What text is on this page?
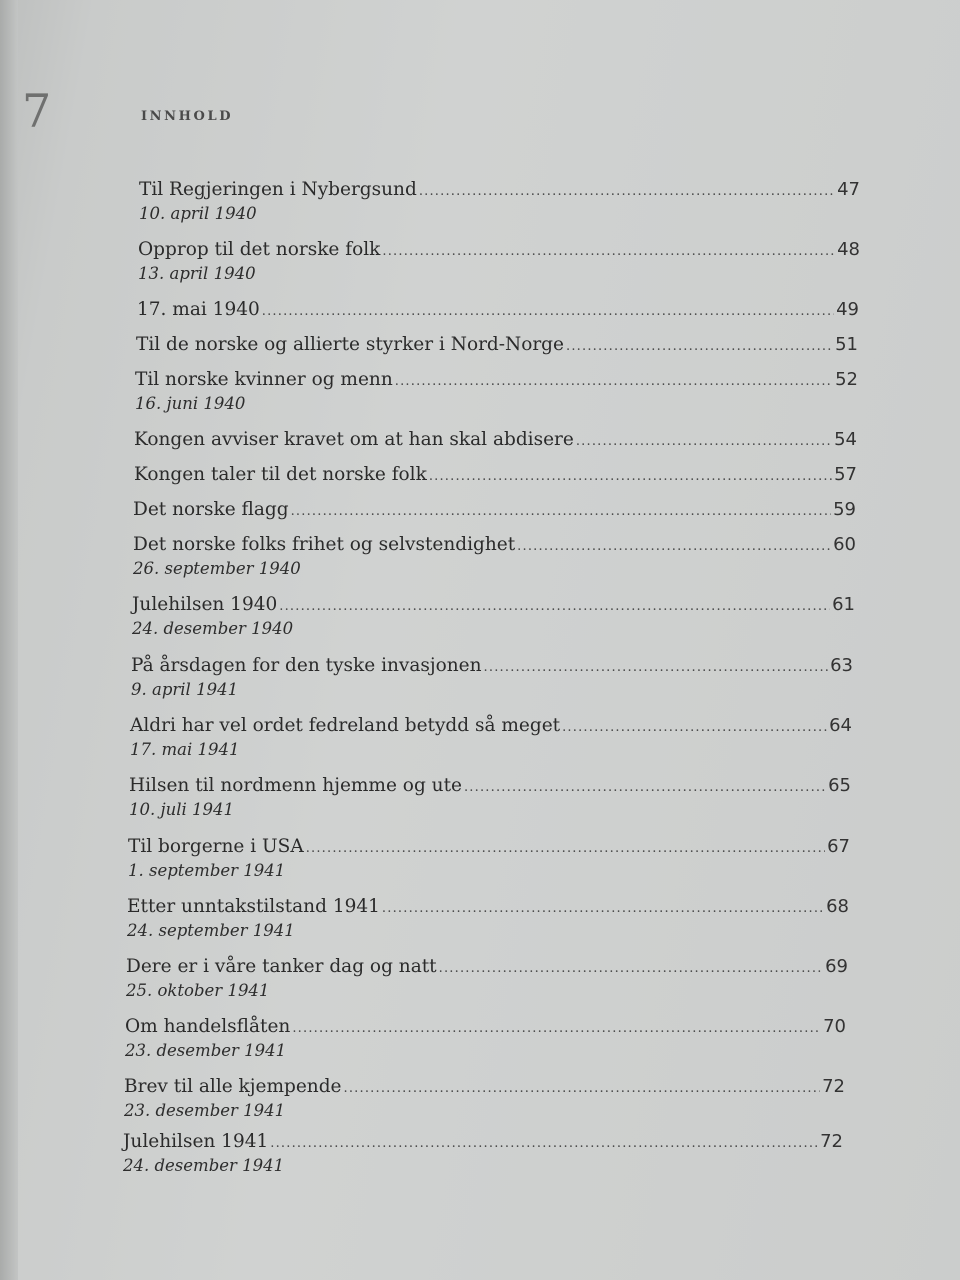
7	INNHOLD
Til Regjeringen i Nybergsund .....	47
10. april 1940
Opprop til det norske folk .....	48
13. april 1940
17. mai 1940 .....	49
Til de norske og allierte styrker i Nord-Norge .....	51
Til norske kvinner og menn .....	52
16. juni 1940
Kongen avviser kravet om at han skal abdisere .....	54
Kongen taler til det norske folk .....	57
Det norske flagg .....	59
Det norske folks frihet og selvstendighet .....	60
26. september 1940
Julehilsen 1940 .....	61
24. desember 1940
På årsdagen for den tyske invasjonen .....	63
9. april 1941
Aldri har vel ordet fedreland betydd så meget .....	64
17. mai 1941
Hilsen til nordmenn hjemme og ute .....	65
10. juli 1941
Til borgerne i USA .....	67
1. september 1941
Etter unntakstilstand 1941 .....	68
24. september 1941
Dere er i våre tanker dag og natt .....	69
25. oktober 1941
Om handelsflåten .....	70
23. desember 1941
Brev til alle kjempende .....	72
23. desember 1941
Julehilsen 1941 .....	72
24. desember 1941
